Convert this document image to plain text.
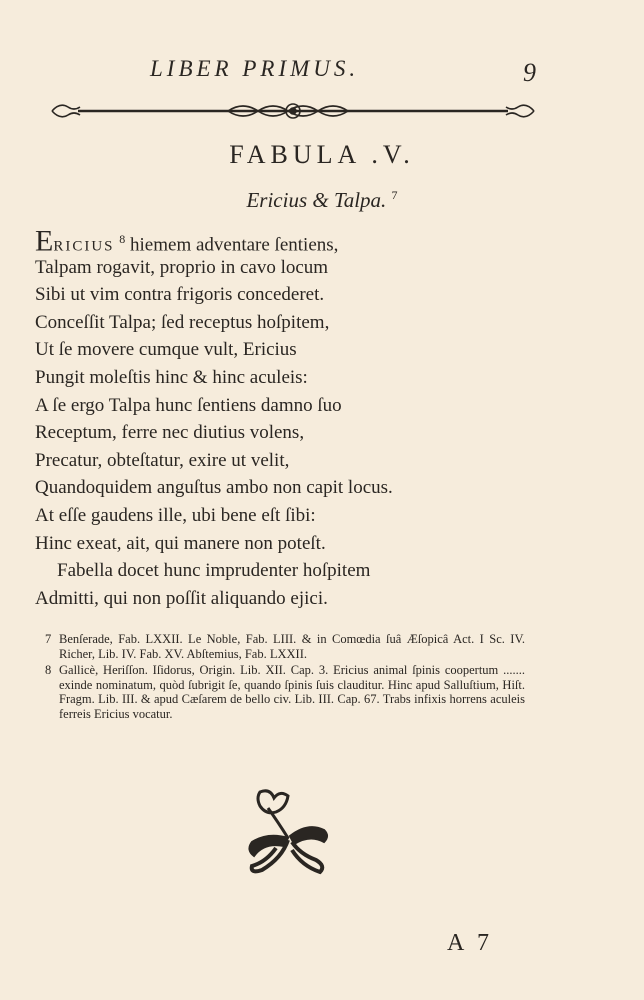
LIBER PRIMUS.	9
FABULA .V.
Ericius & Talpa. $^7$
ERICIUS $^8$ hiemem adventare ſentiens,
Talpam rogavit, proprio in cavo locum
Sibi ut vim contra frigoris concederet.
Conceſſit Talpa; ſed receptus hoſpitem,
Ut ſe movere cumque vult, Ericius
Pungit moleſtis hinc & hinc aculeis:
A ſe ergo Talpa hunc ſentiens damno ſuo
Receptum, ferre nec diutius volens,
Precatur, obteſtatur, exire ut velit,
Quandoquidem anguſtus ambo non capit locus.
At eſſe gaudens ille, ubi bene eſt ſibi:
Hinc exeat, ait, qui manere non poteſt.
Fabella docet hunc imprudenter hoſpitem
Admitti, qui non poſſit aliquando ejici.
7 Benſerade, Fab. LXXII. Le Noble, Fab. LIII. & in Comœdia ſuâ Æſopicâ Act. I Sc. IV. Richer, Lib. IV. Fab. XV. Abſtemius, Fab. LXXII.
8 Gallicè, Heriſſon. Iſidorus, Origin. Lib. XII. Cap. 3. Ericius animal ſpinis coopertum ....... exinde nominatum, quòd ſubrigit ſe, quando ſpinis ſuis clauditur. Hinc apud Salluſtium, Hiſt. Fragm. Lib. III. & apud Cæſarem de bello civ. Lib. III. Cap. 67. Trabs infixis horrens aculeis ferreis Ericius vocatur.
A 7
